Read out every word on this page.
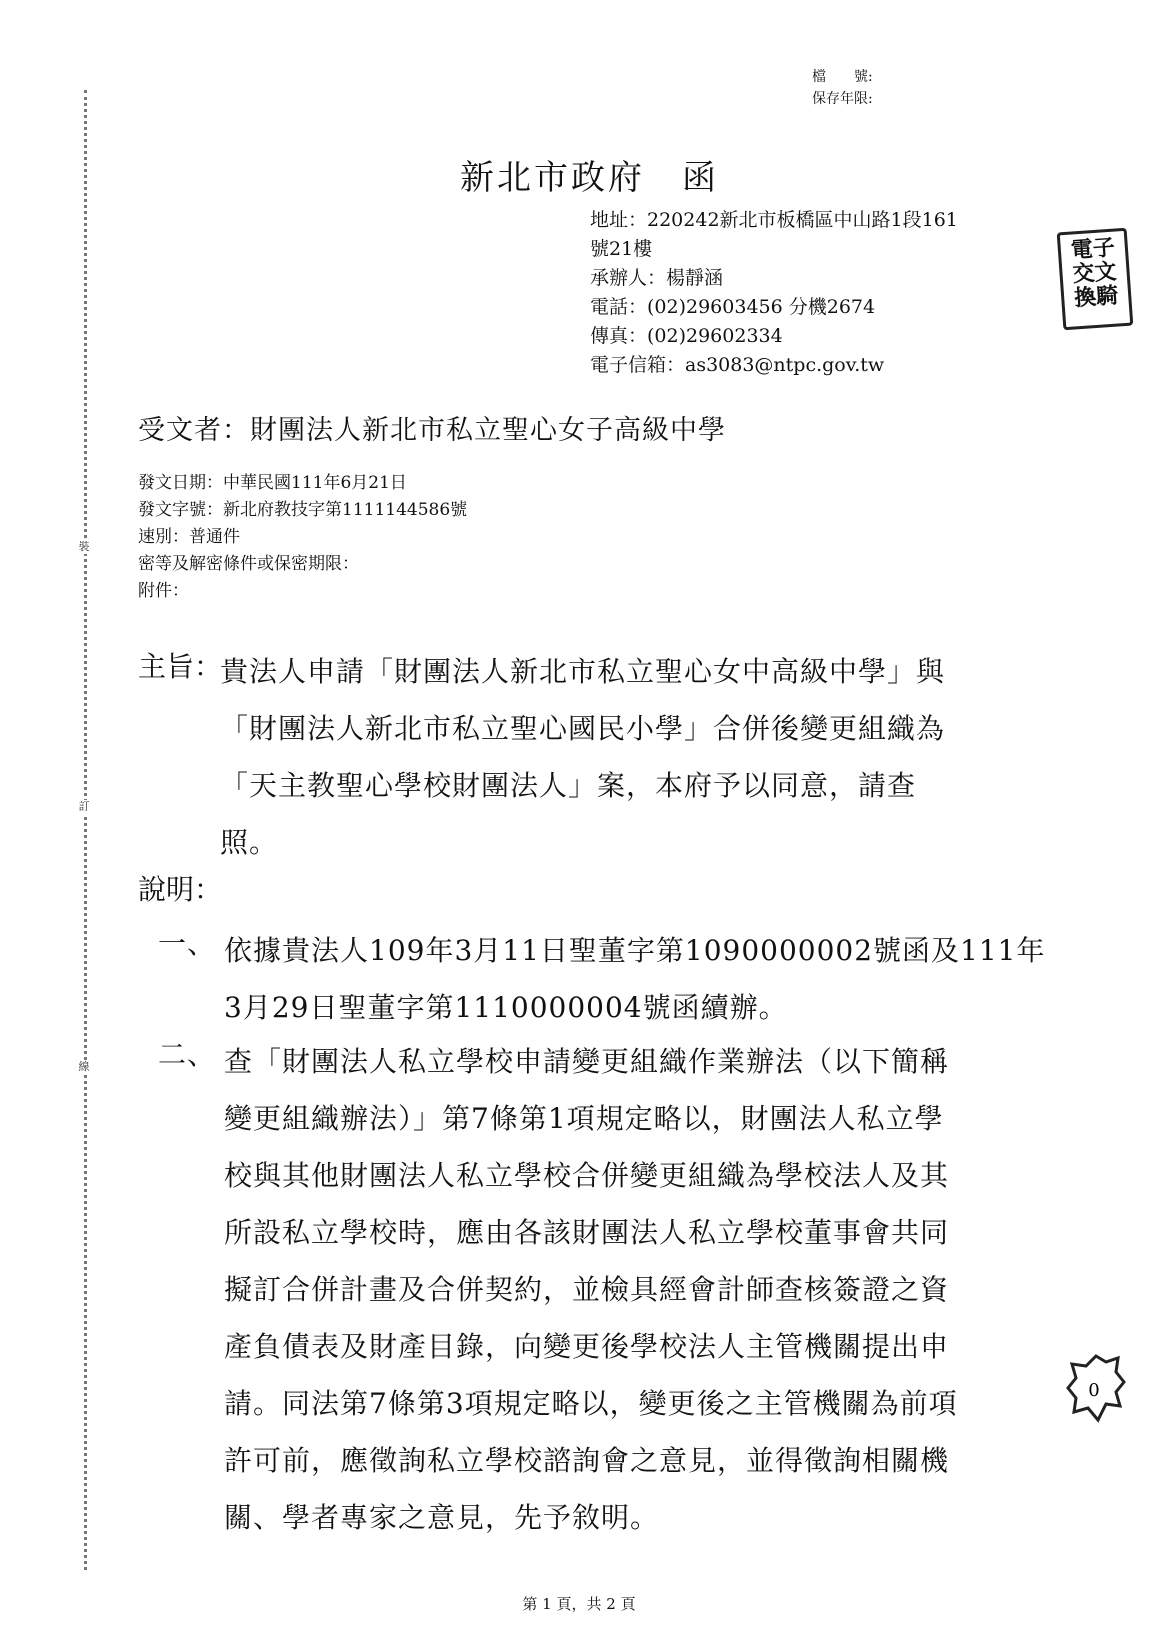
裝
訂
線
檔　　號:
保存年限:
新北市政府　函
地址：220242新北市板橋區中山路1段161
號21樓
承辦人：楊靜涵
電話：(02)29603456 分機2674
傳真：(02)29602334
電子信箱：as3083@ntpc.gov.tw
電子交文換騎
受文者：財團法人新北市私立聖心女子高級中學
發文日期：中華民國111年6月21日
發文字號：新北府教技字第1111144586號
速別：普通件
密等及解密條件或保密期限：
附件：
主旨：
貴法人申請「財團法人新北市私立聖心女中高級中學」與
「財團法人新北市私立聖心國民小學」合併後變更組織為
「天主教聖心學校財團法人」案，本府予以同意，請查
照。
說明：
一、 依據貴法人109年3月11日聖董字第1090000002號函及111年
3月29日聖董字第1110000004號函續辦。
二、 查「財團法人私立學校申請變更組織作業辦法（以下簡稱
變更組織辦法）」第7條第1項規定略以，財團法人私立學
校與其他財團法人私立學校合併變更組織為學校法人及其
所設私立學校時，應由各該財團法人私立學校董事會共同
擬訂合併計畫及合併契約，並檢具經會計師查核簽證之資
產負債表及財產目錄，向變更後學校法人主管機關提出申
請。同法第7條第3項規定略以，變更後之主管機關為前項
許可前，應徵詢私立學校諮詢會之意見，並得徵詢相關機
關、學者專家之意見，先予敘明。
0
第 1 頁，共 2 頁
